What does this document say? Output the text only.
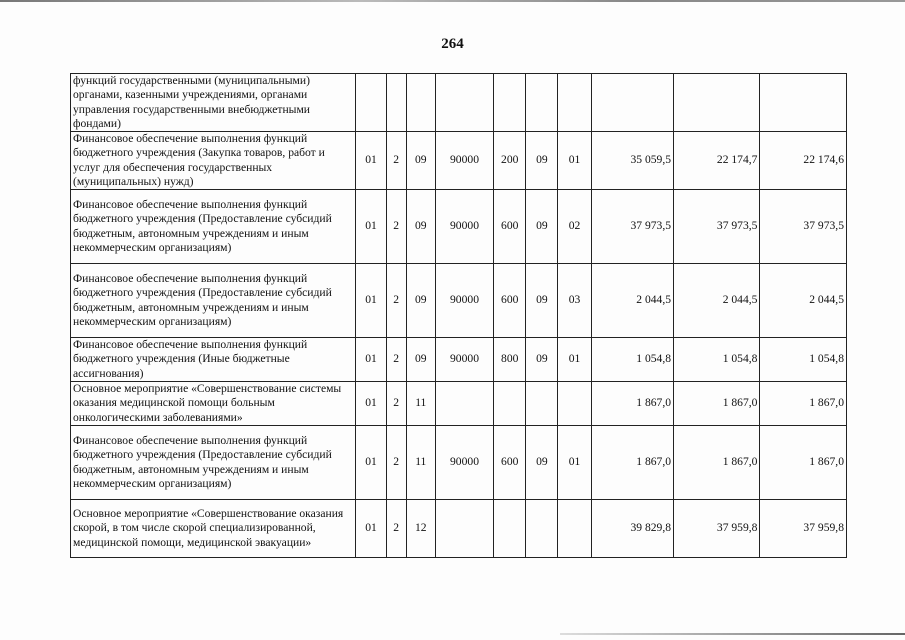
264
функций государственными (муниципальными) органами, казенными учреждениями, органами управления государственными внебюджетными фондами)										
Финансовое обеспечение выполнения функций бюджетного учреждения (Закупка товаров, работ и услуг для обеспечения государственных (муниципальных) нужд)	01	2	09	90000	200	09	01	35 059,5	22 174,7	22 174,6
Финансовое обеспечение выполнения функций бюджетного учреждения (Предоставление субсидий бюджетным, автономным учреждениям и иным некоммерческим организациям)	01	2	09	90000	600	09	02	37 973,5	37 973,5	37 973,5
Финансовое обеспечение выполнения функций бюджетного учреждения (Предоставление субсидий бюджетным, автономным учреждениям и иным некоммерческим организациям)	01	2	09	90000	600	09	03	2 044,5	2 044,5	2 044,5
Финансовое обеспечение выполнения функций бюджетного учреждения (Иные бюджетные ассигнования)	01	2	09	90000	800	09	01	1 054,8	1 054,8	1 054,8
Основное мероприятие «Совершенствование системы оказания медицинской помощи больным онкологическими заболеваниями»	01	2	11					1 867,0	1 867,0	1 867,0
Финансовое обеспечение выполнения функций бюджетного учреждения (Предоставление субсидий бюджетным, автономным учреждениям и иным некоммерческим организациям)	01	2	11	90000	600	09	01	1 867,0	1 867,0	1 867,0
Основное мероприятие «Совершенствование оказания скорой, в том числе скорой специализированной, медицинской помощи, медицинской эвакуации»	01	2	12					39 829,8	37 959,8	37 959,8
